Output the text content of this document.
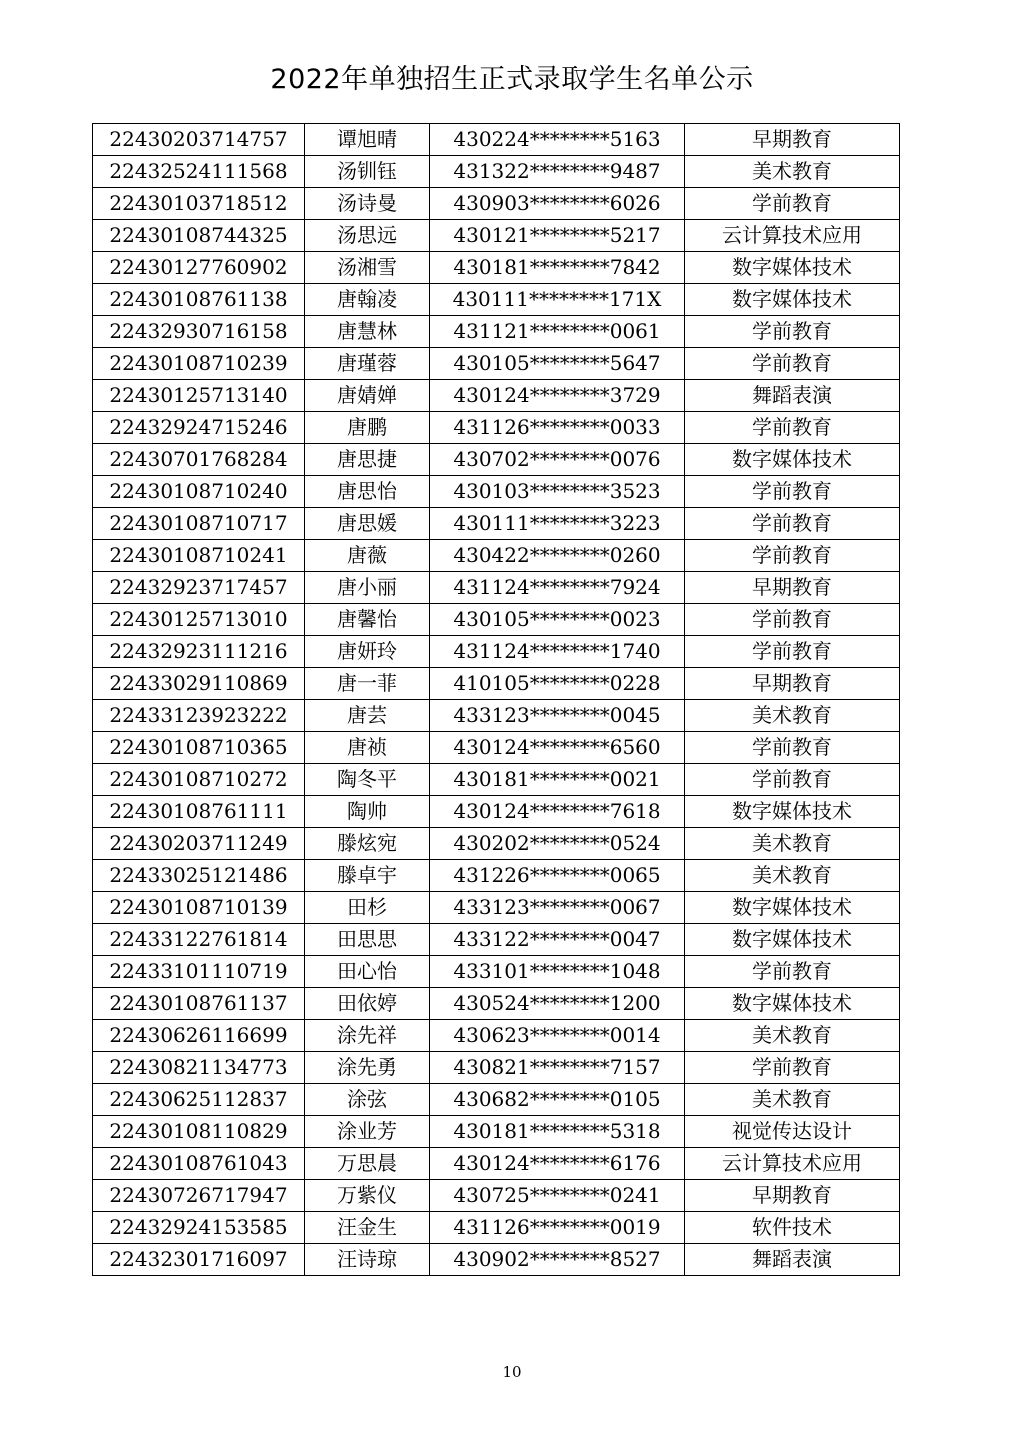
2022年单独招生正式录取学生名单公示
22430203714757	谭旭晴	430224********5163	早期教育
22432524111568	汤钏钰	431322********9487	美术教育
22430103718512	汤诗曼	430903********6026	学前教育
22430108744325	汤思远	430121********5217	云计算技术应用
22430127760902	汤湘雪	430181********7842	数字媒体技术
22430108761138	唐翰凌	430111********171X	数字媒体技术
22432930716158	唐慧林	431121********0061	学前教育
22430108710239	唐瑾蓉	430105********5647	学前教育
22430125713140	唐婧婵	430124********3729	舞蹈表演
22432924715246	唐鹏	431126********0033	学前教育
22430701768284	唐思捷	430702********0076	数字媒体技术
22430108710240	唐思怡	430103********3523	学前教育
22430108710717	唐思媛	430111********3223	学前教育
22430108710241	唐薇	430422********0260	学前教育
22432923717457	唐小丽	431124********7924	早期教育
22430125713010	唐馨怡	430105********0023	学前教育
22432923111216	唐妍玲	431124********1740	学前教育
22433029110869	唐一菲	410105********0228	早期教育
22433123923222	唐芸	433123********0045	美术教育
22430108710365	唐祯	430124********6560	学前教育
22430108710272	陶冬平	430181********0021	学前教育
22430108761111	陶帅	430124********7618	数字媒体技术
22430203711249	滕炫宛	430202********0524	美术教育
22433025121486	滕卓宇	431226********0065	美术教育
22430108710139	田杉	433123********0067	数字媒体技术
22433122761814	田思思	433122********0047	数字媒体技术
22433101110719	田心怡	433101********1048	学前教育
22430108761137	田依婷	430524********1200	数字媒体技术
22430626116699	涂先祥	430623********0014	美术教育
22430821134773	涂先勇	430821********7157	学前教育
22430625112837	涂弦	430682********0105	美术教育
22430108110829	涂业芳	430181********5318	视觉传达设计
22430108761043	万思晨	430124********6176	云计算技术应用
22430726717947	万紫仪	430725********0241	早期教育
22432924153585	汪金生	431126********0019	软件技术
22432301716097	汪诗琼	430902********8527	舞蹈表演
10
